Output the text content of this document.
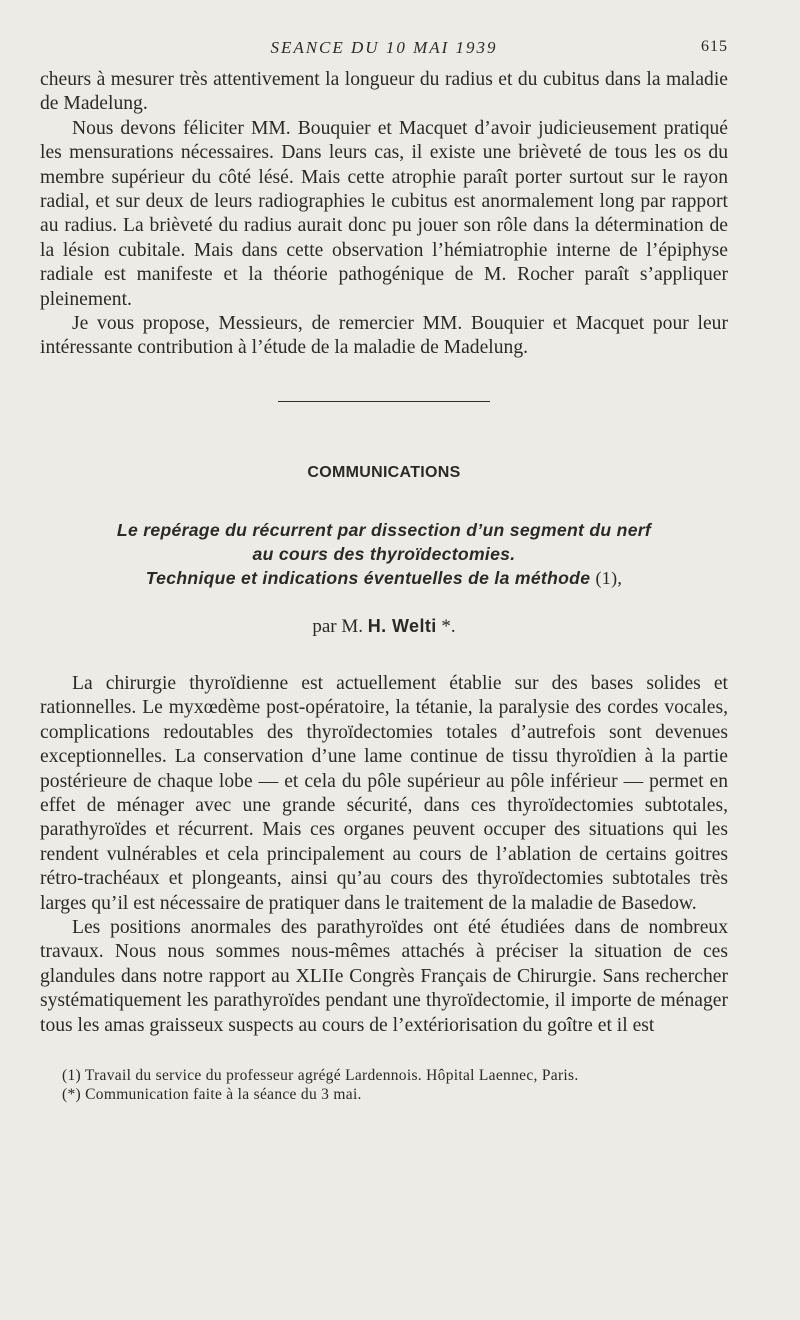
SEANCE DU 10 MAI 1939	615

cheurs à mesurer très attentivement la longueur du radius et du cubitus dans la maladie de Madelung.

Nous devons féliciter MM. Bouquier et Macquet d’avoir judicieusement pratiqué les mensurations nécessaires. Dans leurs cas, il existe une brièveté de tous les os du membre supérieur du côté lésé. Mais cette atrophie paraît porter surtout sur le rayon radial, et sur deux de leurs radiographies le cubitus est anormalement long par rapport au radius. La brièveté du radius aurait donc pu jouer son rôle dans la détermination de la lésion cubitale. Mais dans cette observation l’hémiatrophie interne de l’épiphyse radiale est manifeste et la théorie pathogénique de M. Rocher paraît s’appliquer pleinement.

Je vous propose, Messieurs, de remercier MM. Bouquier et Macquet pour leur intéressante contribution à l’étude de la maladie de Madelung.

COMMUNICATIONS
Le repérage du récurrent par dissection d’un segment du nerf
au cours des thyroïdectomies.
Technique et indications éventuelles de la méthode (1),
par M. H. Welti *.

La chirurgie thyroïdienne est actuellement établie sur des bases solides et rationnelles. Le myxœdème post-opératoire, la tétanie, la paralysie des cordes vocales, complications redoutables des thyroïdectomies totales d’autrefois sont devenues exceptionnelles. La conservation d’une lame continue de tissu thyroïdien à la partie postérieure de chaque lobe — et cela du pôle supérieur au pôle inférieur — permet en effet de ménager avec une grande sécurité, dans ces thyroïdectomies subtotales, parathyroïdes et récurrent. Mais ces organes peuvent occuper des situations qui les rendent vulnérables et cela principalement au cours de l’ablation de certains goitres rétro-trachéaux et plongeants, ainsi qu’au cours des thyroïdectomies subtotales très larges qu’il est nécessaire de pratiquer dans le traitement de la maladie de Basedow.

Les positions anormales des parathyroïdes ont été étudiées dans de nombreux travaux. Nous nous sommes nous-mêmes attachés à préciser la situation de ces glandules dans notre rapport au XLIIe Congrès Français de Chirurgie. Sans rechercher systématiquement les parathyroïdes pendant une thyroïdectomie, il importe de ménager tous les amas graisseux suspects au cours de l’extériorisation du goître et il est

(1) Travail du service du professeur agrégé Lardennois. Hôpital Laennec, Paris.
(*) Communication faite à la séance du 3 mai.
